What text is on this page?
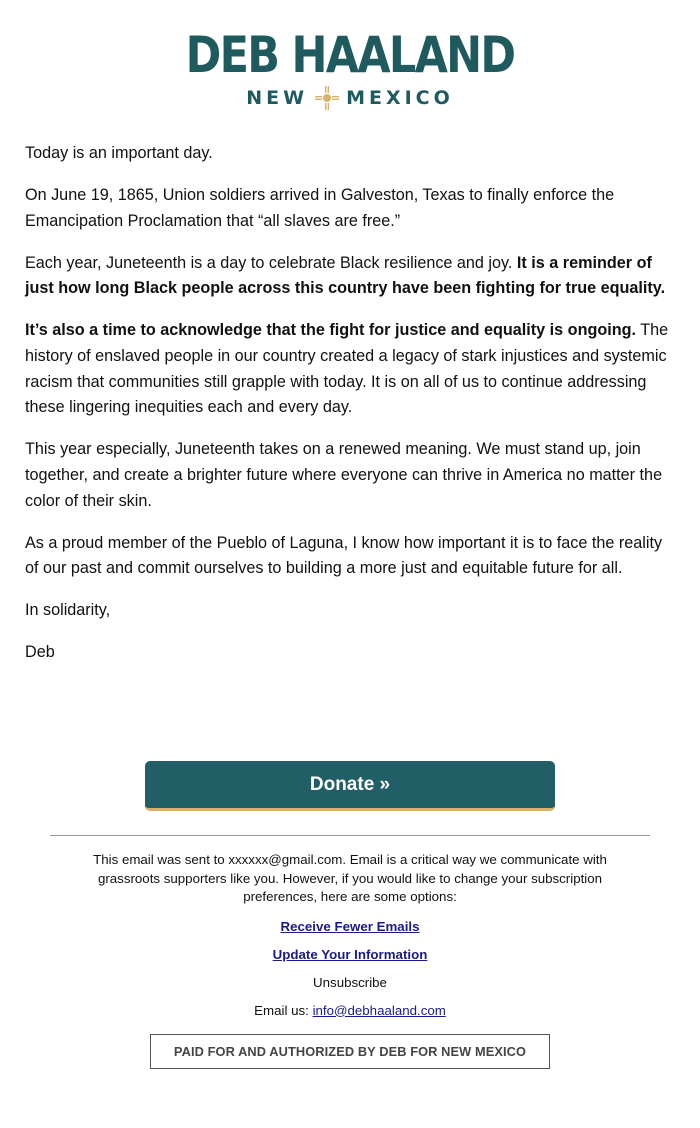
DEB HAALAND
NEW MEXICO

Today is an important day.

On June 19, 1865, Union soldiers arrived in Galveston, Texas to finally enforce the Emancipation Proclamation that “all slaves are free.”

Each year, Juneteenth is a day to celebrate Black resilience and joy. It is a reminder of just how long Black people across this country have been fighting for true equality.

It’s also a time to acknowledge that the fight for justice and equality is ongoing. The history of enslaved people in our country created a legacy of stark injustices and systemic racism that communities still grapple with today. It is on all of us to continue addressing these lingering inequities each and every day.

This year especially, Juneteenth takes on a renewed meaning. We must stand up, join together, and create a brighter future where everyone can thrive in America no matter the color of their skin.

As a proud member of the Pueblo of Laguna, I know how important it is to face the reality of our past and commit ourselves to building a more just and equitable future for all.

In solidarity,

Deb

Donate »
This email was sent to xxxxxx@gmail.com. Email is a critical way we communicate with grassroots supporters like you. However, if you would like to change your subscription preferences, here are some options:
Receive Fewer Emails
Update Your Information
Unsubscribe
Email us: info@debhaaland.com
PAID FOR AND AUTHORIZED BY DEB FOR NEW MEXICO
